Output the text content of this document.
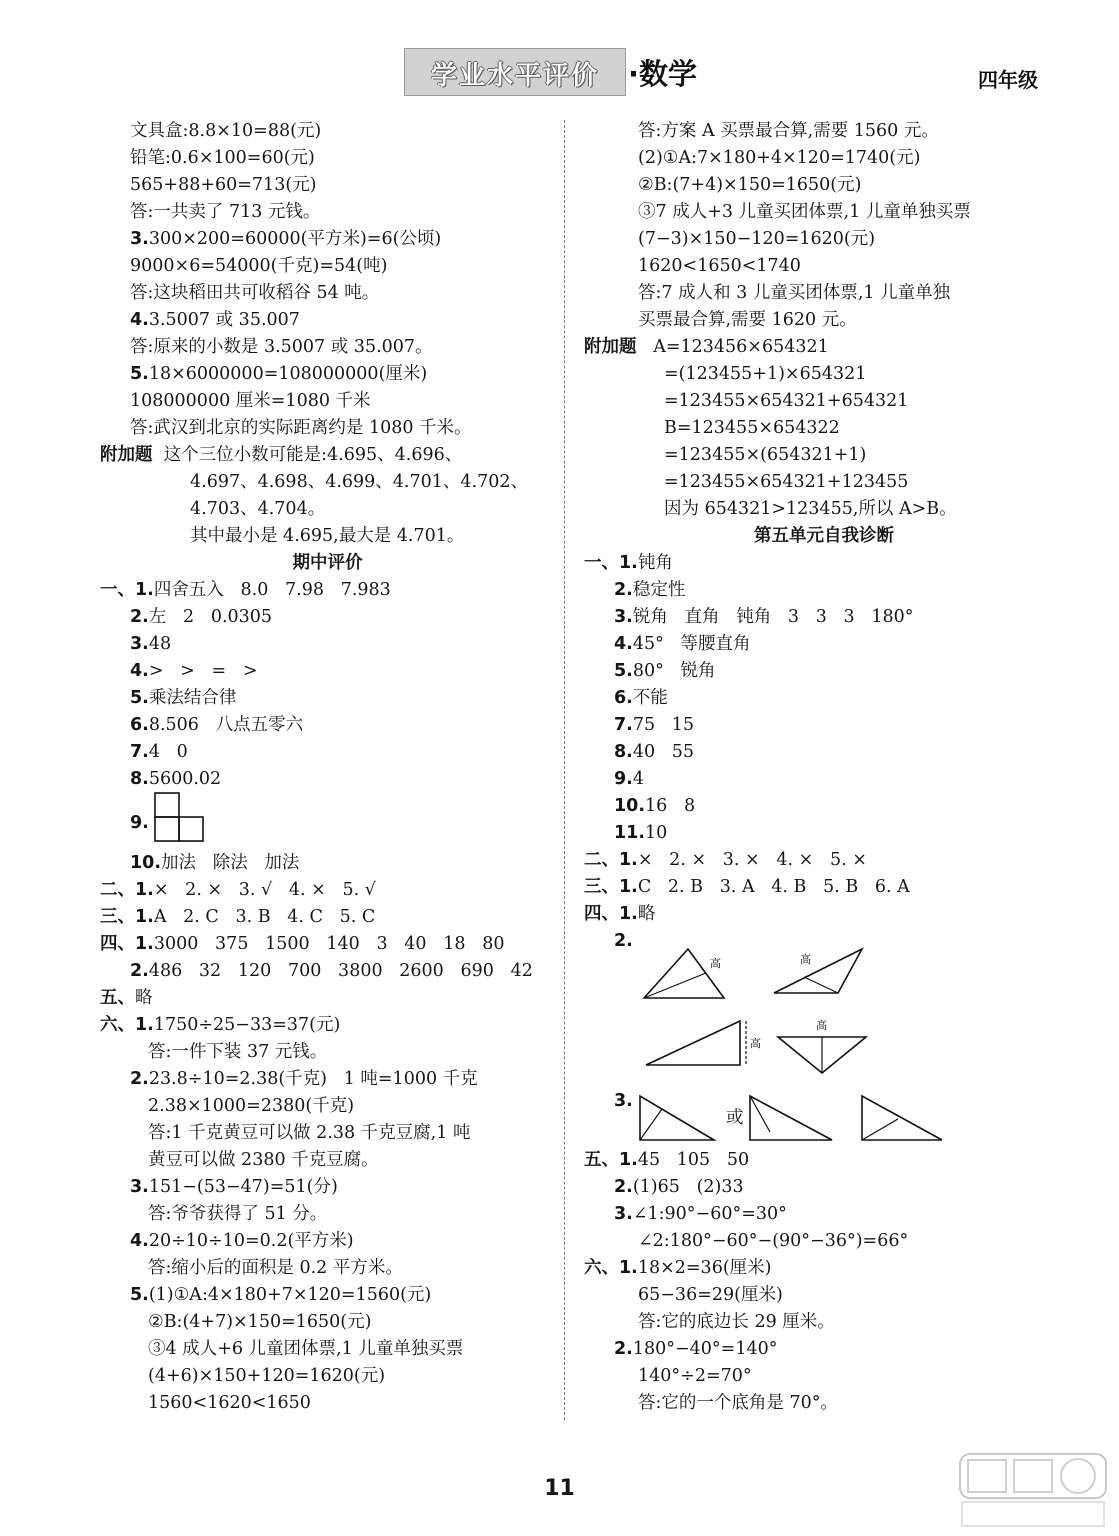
学业水平评价	·数学	四年级
期中评价
文具盒:8.8×10=88(元)
铅笔:0.6×100=60(元)
565+88+60=713(元)
答:一共卖了 713 元钱。
3.300×200=60000(平方米)=6(公顷)
9000×6=54000(千克)=54(吨)
答:这块稻田共可收稻谷 54 吨。
4.3.5007 或 35.007
答:原来的小数是 3.5007 或 35.007。
5.18×6000000=108000000(厘米)
108000000 厘米=1080 千米
答:武汉到北京的实际距离约是 1080 千米。
附加题  这个三位小数可能是:4.695、4.696、
4.697、4.698、4.699、4.701、4.702、
4.703、4.704。
其中最小是 4.695,最大是 4.701。
一、1.四舍五入   8.0   7.98   7.983
2.左   2   0.0305
3.48
4.>   >   =   >
5.乘法结合律
6.8.506   八点五零六
7.4   0
8.5600.02
9.
10.加法   除法   加法
二、1.×   2. ×   3. √   4. ×   5. √
三、1.A   2. C   3. B   4. C   5. C
四、1.3000   375   1500   140   3   40   18   80
2.486   32   120   700   3800   2600   690   42
五、略
六、1.1750÷25−33=37(元)
答:一件下装 37 元钱。
2.23.8÷10=2.38(千克)   1 吨=1000 千克
2.38×1000=2380(千克)
答:1 千克黄豆可以做 2.38 千克豆腐,1 吨
黄豆可以做 2380 千克豆腐。
3.151−(53−47)=51(分)
答:爷爷获得了 51 分。
4.20÷10÷10=0.2(平方米)
答:缩小后的面积是 0.2 平方米。
5.(1)①A:4×180+7×120=1560(元)
②B:(4+7)×150=1650(元)
③4 成人+6 儿童团体票,1 儿童单独买票
(4+6)×150+120=1620(元)
1560<1620<1650
第五单元自我诊断
高	高
高
高
或
答:方案 A 买票最合算,需要 1560 元。
(2)①A:7×180+4×120=1740(元)
②B:(7+4)×150=1650(元)
③7 成人+3 儿童买团体票,1 儿童单独买票
(7−3)×150−120=1620(元)
1620<1650<1740
答:7 成人和 3 儿童买团体票,1 儿童单独
买票最合算,需要 1620 元。
附加题   A=123456×654321
=(123455+1)×654321
=123455×654321+654321
B=123455×654322
=123455×(654321+1)
=123455×654321+123455
因为 654321>123455,所以 A>B。
一、1.钝角
2.稳定性
3.锐角   直角   钝角   3   3   3   180°
4.45°   等腰直角
5.80°   锐角
6.不能
7.75   15
8.40   55
9.4
10.16   8
11.10
二、1.×   2. ×   3. ×   4. ×   5. ×
三、1.C   2. B   3. A   4. B   5. B   6. A
四、1.略
2.
3.
五、1.45   105   50
2.(1)65   (2)33
3.∠1:90°−60°=30°
∠2:180°−60°−(90°−36°)=66°
六、1.18×2=36(厘米)
65−36=29(厘米)
答:它的底边长 29 厘米。
2.180°−40°=140°
140°÷2=70°
答:它的一个底角是 70°。
11
